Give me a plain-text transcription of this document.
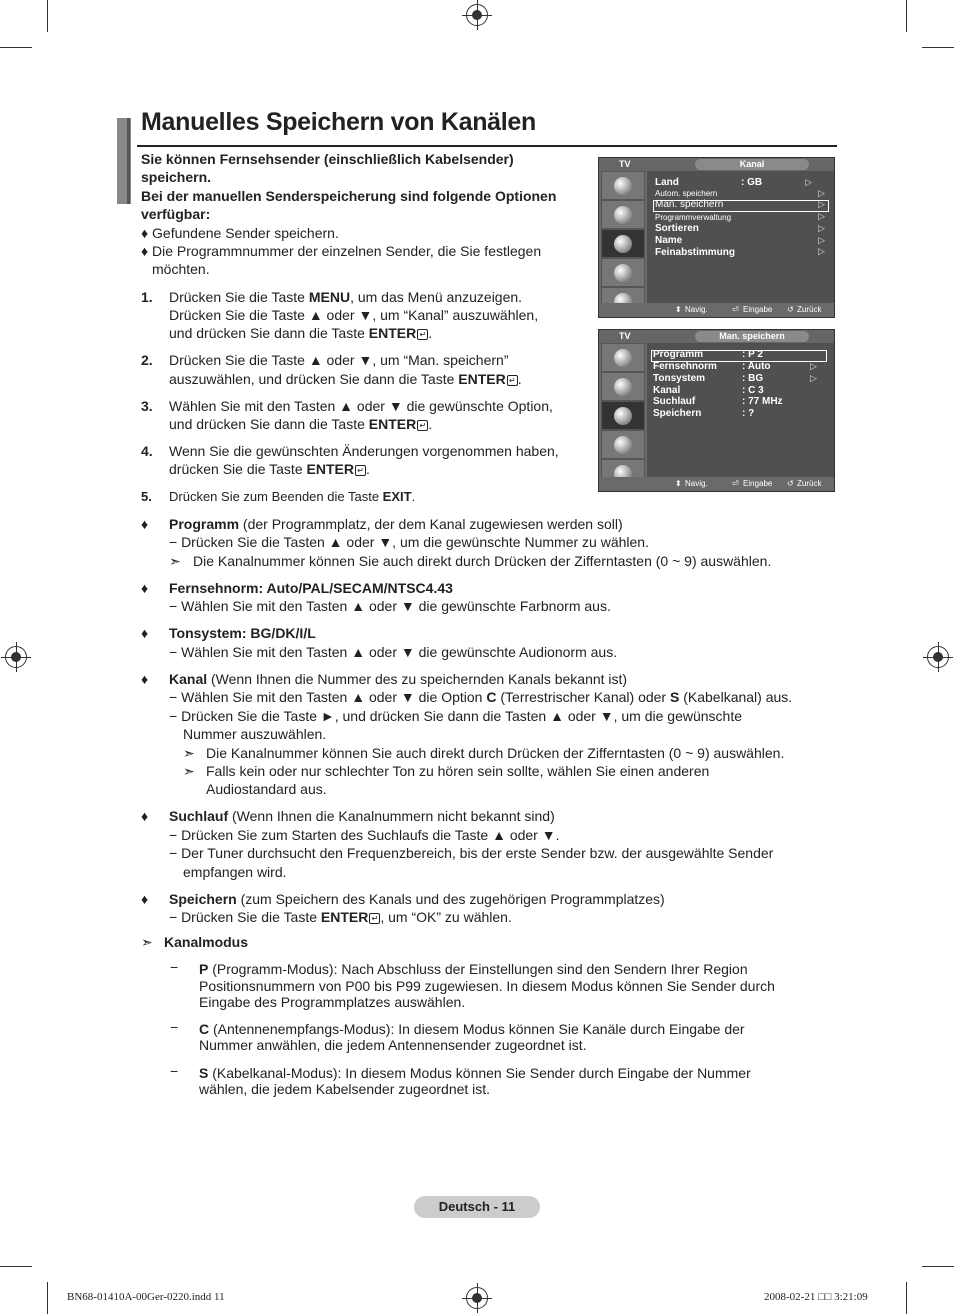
Manuelles Speichern von Kanälen
Sie können Fernsehsender (einschließlich Kabelsender)
speichern.
Bei der manuellen Senderspeicherung sind folgende Optionen
verfügbar:
♦ Gefundene Sender speichern.
♦ Die Programmnummer der einzelnen Sender, die Sie festlegen
möchten.
1. Drücken Sie die Taste MENU, um das Menü anzuzeigen.
Drücken Sie die Taste ▲ oder ▼, um “Kanal” auszuwählen,
und drücken Sie dann die Taste ENTER ↵ .
2. Drücken Sie die Taste ▲ oder ▼, um “Man. speichern”
auszuwählen, und drücken Sie dann die Taste ENTER ↵ .
3. Wählen Sie mit den Tasten ▲ oder ▼ die gewünschte Option,
und drücken Sie dann die Taste ENTER ↵ .
4. Wenn Sie die gewünschten Änderungen vorgenommen haben,
drücken Sie die Taste ENTER ↵ .
5. Drücken Sie zum Beenden die Taste EXIT.
TV	Kanal
Land	: GB	▷
Autom. speichern	▷
Man. speichern	▷
Programmverwaltung	▷
Sortieren	▷
Name	▷
Feinabstimmung	▷
⬍ Navig.	⏎ Eingabe ↺ Zurück
TV	Man. speichern
Programm	: P 2
Fernsehnorm	: Auto	▷
Tonsystem	: BG	▷
Kanal	: C 3
Suchlauf	: 77 MHz
Speichern	: ?
⬍ Navig.	⏎ Eingabe ↺ Zurück
♦ Programm (der Programmplatz, der dem Kanal zugewiesen werden soll)
− Drücken Sie die Tasten ▲ oder ▼, um die gewünschte Nummer zu wählen.
➣ Die Kanalnummer können Sie auch direkt durch Drücken der Zifferntasten (0 ~ 9) auswählen.
♦ Fernsehnorm: Auto/PAL/SECAM/NTSC4.43
− Wählen Sie mit den Tasten ▲ oder ▼ die gewünschte Farbnorm aus.
♦ Tonsystem: BG/DK/I/L
− Wählen Sie mit den Tasten ▲ oder ▼ die gewünschte Audionorm aus.
♦ Kanal (Wenn Ihnen die Nummer des zu speichernden Kanals bekannt ist)
− Wählen Sie mit den Tasten ▲ oder ▼ die Option C (Terrestrischer Kanal) oder S (Kabelkanal) aus.
− Drücken Sie die Taste ►, und drücken Sie dann die Tasten ▲ oder ▼, um die gewünschte
Nummer auszuwählen.
➣ Die Kanalnummer können Sie auch direkt durch Drücken der Zifferntasten (0 ~ 9) auswählen.
➣ Falls kein oder nur schlechter Ton zu hören sein sollte, wählen Sie einen anderen
Audiostandard aus.
♦ Suchlauf (Wenn Ihnen die Kanalnummern nicht bekannt sind)
− Drücken Sie zum Starten des Suchlaufs die Taste ▲ oder ▼.
− Der Tuner durchsucht den Frequenzbereich, bis der erste Sender bzw. der ausgewählte Sender
empfangen wird.
♦ Speichern (zum Speichern des Kanals und des zugehörigen Programmplatzes)
− Drücken Sie die Taste ENTER ↵ , um “OK” zu wählen.
➣ Kanalmodus
− P (Programm-Modus): Nach Abschluss der Einstellungen sind den Sendern Ihrer Region
Positionsnummern von P00 bis P99 zugewiesen. In diesem Modus können Sie Sender durch
Eingabe des Programmplatzes auswählen.
− C (Antennenempfangs-Modus): In diesem Modus können Sie Kanäle durch Eingabe der
Nummer anwählen, die jedem Antennensender zugeordnet ist.
− S (Kabelkanal-Modus): In diesem Modus können Sie Sender durch Eingabe der Nummer
wählen, die jedem Kabelsender zugeordnet ist.
Deutsch - 11
BN68-01410A-00Ger-0220.indd 11	2008-02-21 □□ 3:21:09
